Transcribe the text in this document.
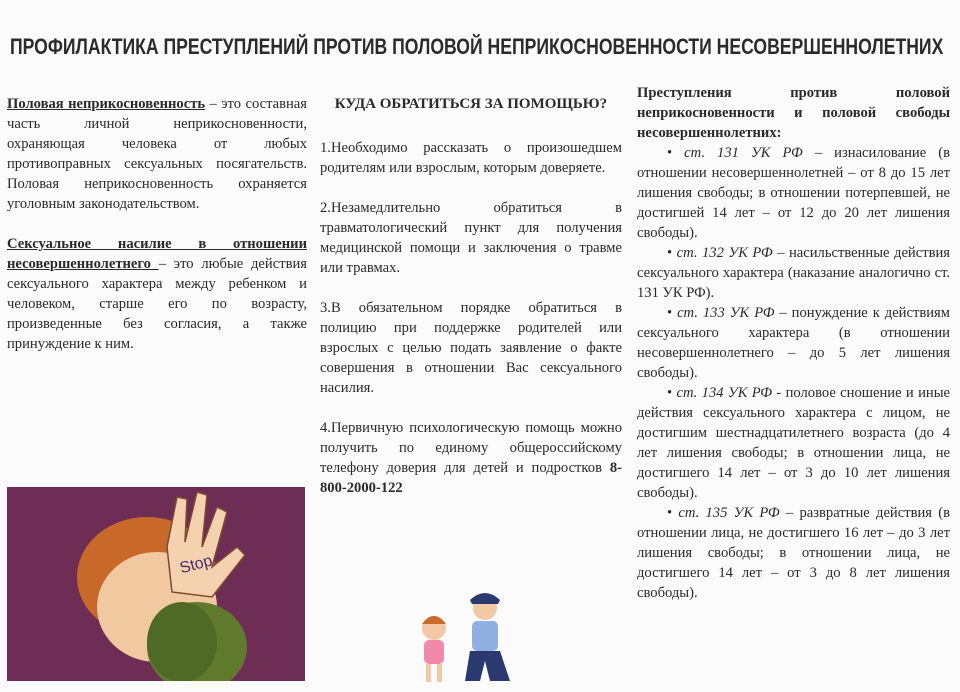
ПРОФИЛАКТИКА ПРЕСТУПЛЕНИЙ ПРОТИВ ПОЛОВОЙ НЕПРИКОСНОВЕННОСТИ НЕСОВЕРШЕННОЛЕТНИХ

Половая неприкосновенность – это составная часть личной неприкосновенности, охраняющая человека от любых противоправных сексуальных посягательств. Половая неприкосновенность охраняется уголовным законодательством.

Сексуальное насилие в отношении несовершеннолетнего – это любые действия сексуального характера между ребенком и человеком, старше его по возрасту, произведенные без согласия, а также принуждение к ним.

Stop

КУДА ОБРАТИТЬСЯ ЗА ПОМОЩЬЮ?

1.Необходимо рассказать о произошедшем родителям или взрослым, которым доверяете.

2.Незамедлительно обратиться в травматологический пункт для получения медицинской помощи и заключения о травме или травмах.

3.В обязательном порядке обратиться в полицию при поддержке родителей или взрослых с целью подать заявление о факте совершения в отношении Вас сексуального насилия.

4.Первичную психологическую помощь можно получить по единому общероссийскому телефону доверия для детей и подростков 8-800-2000-122

Преступления против половой неприкосновенности и половой свободы несовершеннолетних:

• ст. 131 УК РФ – изнасилование (в отношении несовершеннолетней – от 8 до 15 лет лишения свободы; в отношении потерпевшей, не достигшей 14 лет – от 12 до 20 лет лишения свободы).

• ст. 132 УК РФ – насильственные действия сексуального характера (наказание аналогично ст. 131 УК РФ).

• ст. 133 УК РФ – понуждение к действиям сексуального характера (в отношении несовершеннолетнего – до 5 лет лишения свободы).

• ст. 134 УК РФ - половое сношение и иные действия сексуального характера с лицом, не достигшим шестнадцатилетнего возраста (до 4 лет лишения свободы; в отношении лица, не достигшего 14 лет – от 3 до 10 лет лишения свободы).

• ст. 135 УК РФ – развратные действия (в отношении лица, не достигшего 16 лет – до 3 лет лишения свободы; в отношении лица, не достигшего 14 лет – от 3 до 8 лет лишения свободы).
